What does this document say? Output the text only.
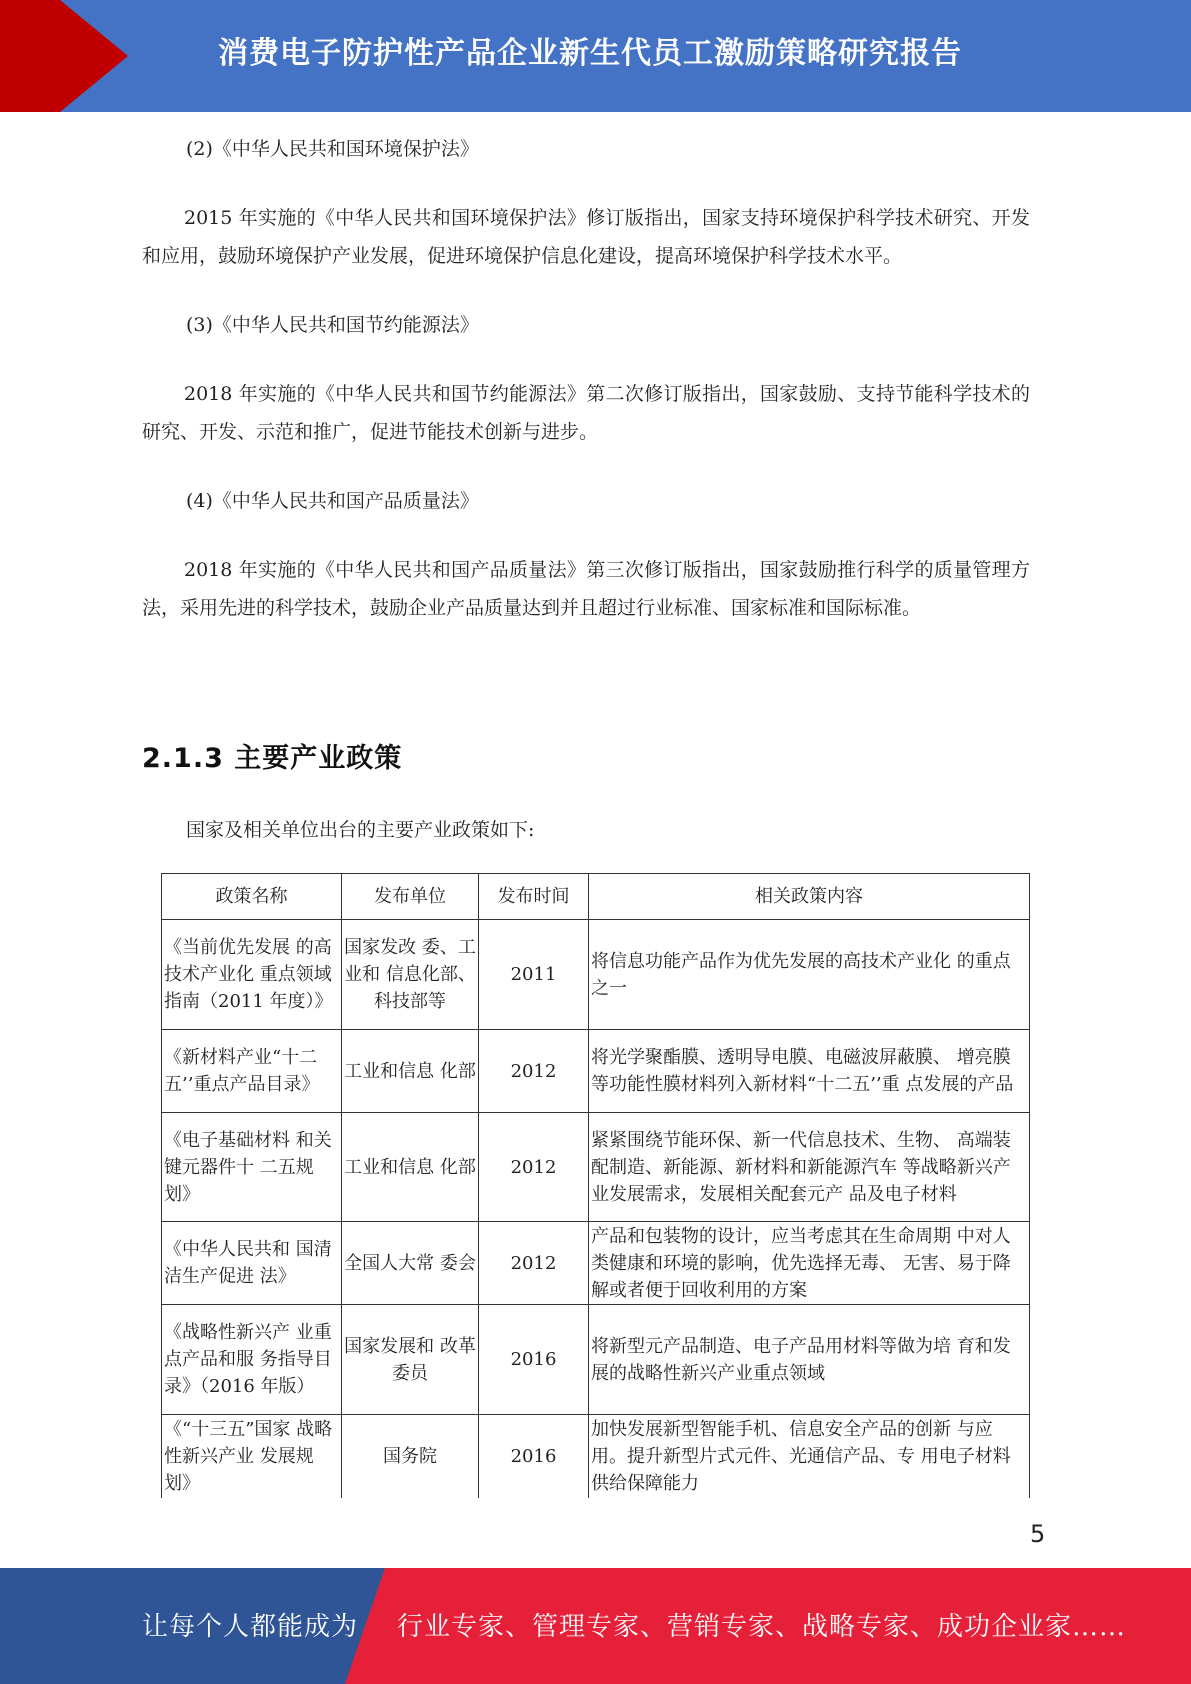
消费电子防护性产品企业新生代员工激励策略研究报告

(2)《中华人民共和国环境保护法》

2015 年实施的《中华人民共和国环境保护法》修订版指出，国家支持环境保护科学技术研究、开发和应用，鼓励环境保护产业发展，促进环境保护信息化建设，提高环境保护科学技术水平。

(3)《中华人民共和国节约能源法》

2018 年实施的《中华人民共和国节约能源法》第二次修订版指出，国家鼓励、支持节能科学技术的研究、开发、示范和推广，促进节能技术创新与进步。

(4)《中华人民共和国产品质量法》

2018 年实施的《中华人民共和国产品质量法》第三次修订版指出，国家鼓励推行科学的质量管理方法，采用先进的科学技术，鼓励企业产品质量达到并且超过行业标准、国家标准和国际标准。

2.1.3 主要产业政策
国家及相关单位出台的主要产业政策如下:
政策名称	发布单位	发布时间	相关政策内容
《当前优先发展 的高技术产业化 重点领域指南（2011 年度）》	国家发改 委、工业和 信息化部、科技部等	2011	将信息功能产品作为优先发展的高技术产业化 的重点之一
《新材料产业“十二五’’重点产品目录》	工业和信息 化部	2012	将光学聚酯膜、透明导电膜、电磁波屏蔽膜、 增亮膜等功能性膜材料列入新材料“十二五’’重 点发展的产品
《电子基础材料 和关键元器件十 二五规划》	工业和信息 化部	2012	紧紧围绕节能环保、新一代信息技术、生物、 高端装配制造、新能源、新材料和新能源汽车 等战略新兴产业发展需求，发展相关配套元产 品及电子材料
《中华人民共和 国清洁生产促进 法》	全国人大常 委会	2012	产品和包装物的设计，应当考虑其在生命周期 中对人类健康和环境的影响，优先选择无毒、 无害、易于降解或者便于回收利用的方案
《战略性新兴产 业重点产品和服 务指导目录》（2016 年版）	国家发展和 改革委员	2016	将新型元产品制造、电子产品用材料等做为培 育和发展的战略性新兴产业重点领域
《“十三五”国家 战略性新兴产业 发展规划》	国务院	2016	加快发展新型智能手机、信息安全产品的创新 与应用。提升新型片式元件、光通信产品、专 用电子材料供给保障能力
5
让每个人都能成为 行业专家、管理专家、营销专家、战略专家、成功企业家……
